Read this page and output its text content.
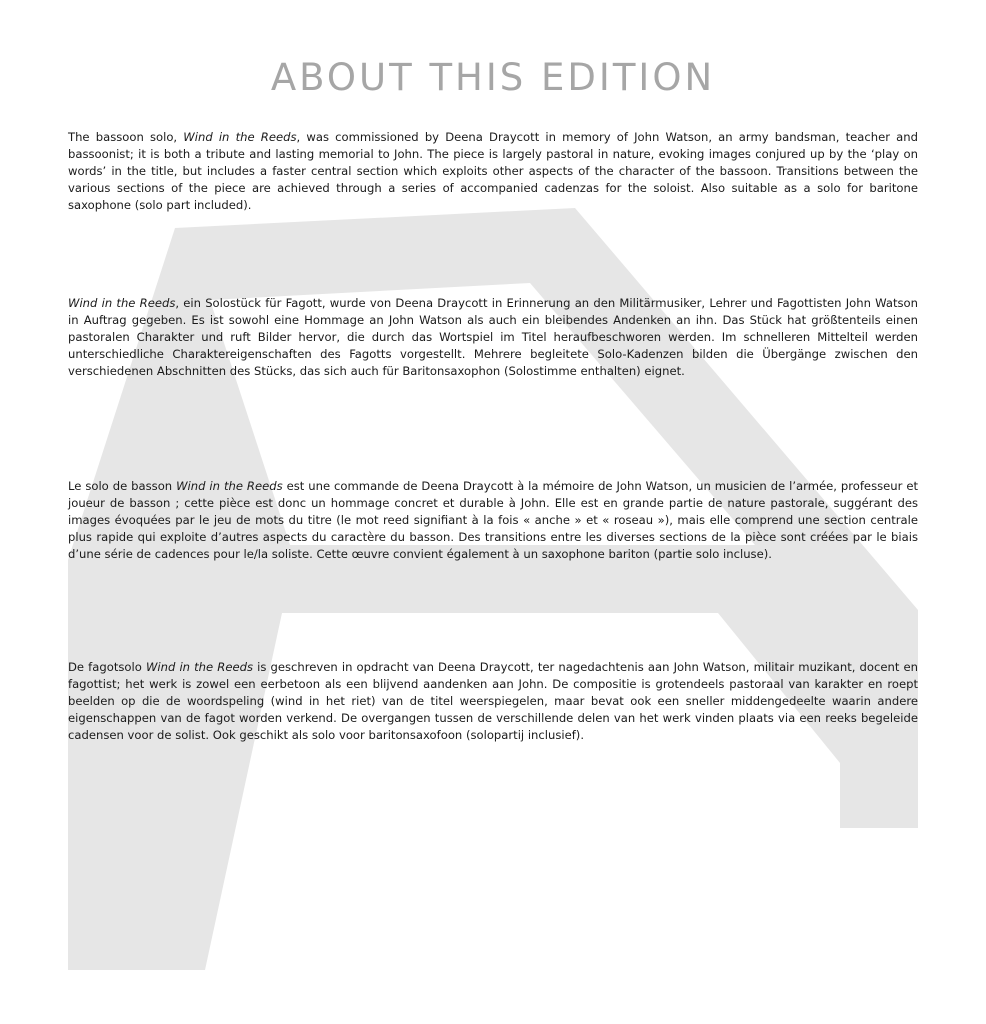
ABOUT THIS EDITION

The bassoon solo, Wind in the Reeds, was commissioned by Deena Draycott in memory of John Watson, an army bandsman, teacher and bassoonist; it is both a tribute and lasting memorial to John. The piece is largely pastoral in nature, evoking images conjured up by the ‘play on words’ in the title, but includes a faster central section which exploits other aspects of the character of the bassoon. Transitions between the various sections of the piece are achieved through a series of accompanied cadenzas for the soloist. Also suitable as a solo for baritone saxophone (solo part included).

Wind in the Reeds, ein Solostück für Fagott, wurde von Deena Draycott in Erinnerung an den Militärmusiker, Lehrer und Fagottisten John Watson in Auftrag gegeben. Es ist sowohl eine Hommage an John Watson als auch ein bleibendes Andenken an ihn. Das Stück hat größtenteils einen pastoralen Charakter und ruft Bilder hervor, die durch das Wortspiel im Titel heraufbeschworen werden. Im schnelleren Mittelteil werden unterschiedliche Charaktereigenschaften des Fagotts vorgestellt. Mehrere begleitete Solo-Kadenzen bilden die Übergänge zwischen den verschiedenen Abschnitten des Stücks, das sich auch für Baritonsaxophon (Solostimme enthalten) eignet.

Le solo de basson Wind in the Reeds est une commande de Deena Draycott à la mémoire de John Watson, un musicien de l’armée, professeur et joueur de basson ; cette pièce est donc un hommage concret et durable à John. Elle est en grande partie de nature pastorale, suggérant des images évoquées par le jeu de mots du titre (le mot reed signifiant à la fois « anche » et « roseau »), mais elle comprend une section centrale plus rapide qui exploite d’autres aspects du caractère du basson. Des transitions entre les diverses sections de la pièce sont créées par le biais d’une série de cadences pour le/la soliste. Cette œuvre convient également à un saxophone bariton (partie solo incluse).

De fagotsolo Wind in the Reeds is geschreven in opdracht van Deena Draycott, ter nagedachtenis aan John Watson, militair muzikant, docent en fagottist; het werk is zowel een eerbetoon als een blijvend aandenken aan John. De compositie is grotendeels pastoraal van karakter en roept beelden op die de woordspeling (wind in het riet) van de titel weerspiegelen, maar bevat ook een sneller middengedeelte waarin andere eigenschappen van de fagot worden verkend. De overgangen tussen de verschillende delen van het werk vinden plaats via een reeks begeleide cadensen voor de solist. Ook geschikt als solo voor baritonsaxofoon (solopartij inclusief).
